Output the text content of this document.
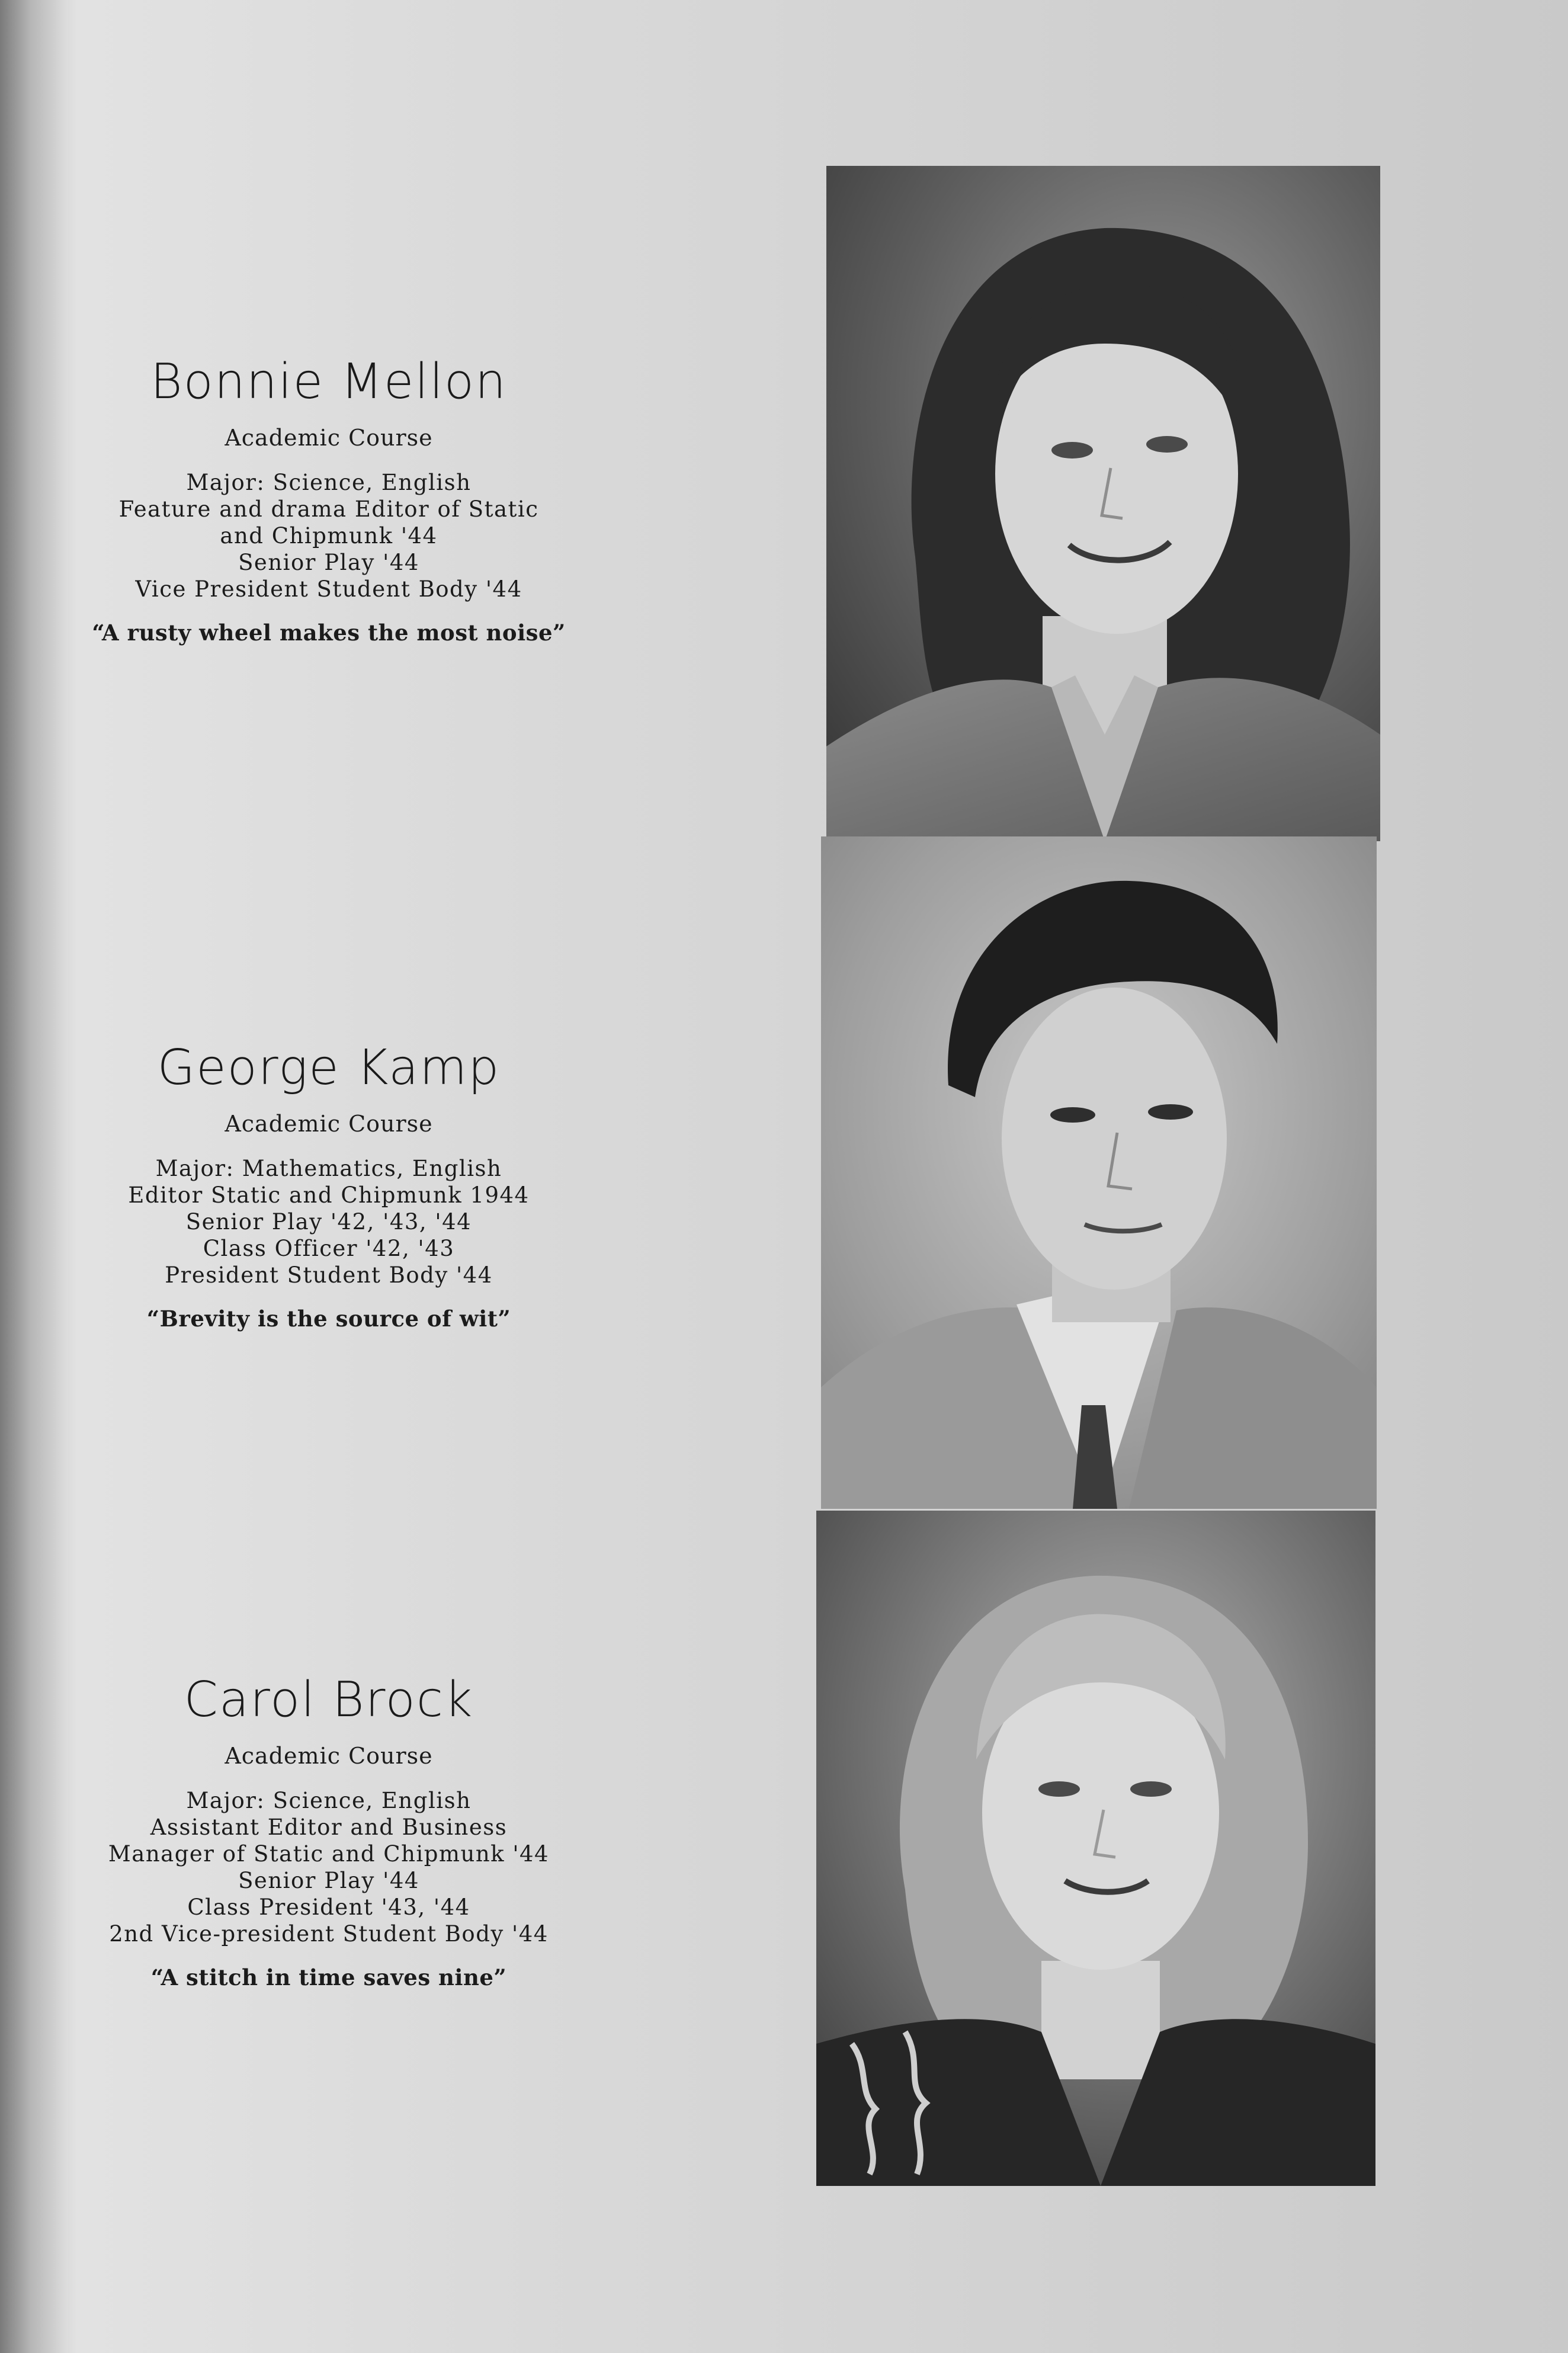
Bonnie Mellon
Academic Course
Major: Science, English
Feature and drama Editor of Static
and Chipmunk '44
Senior Play '44
Vice President Student Body '44
“A rusty wheel makes the most noise”
George Kamp
Academic Course
Major: Mathematics, English
Editor Static and Chipmunk 1944
Senior Play '42, '43, '44
Class Officer '42, '43
President Student Body '44
“Brevity is the source of wit”
Carol Brock
Academic Course
Major: Science, English
Assistant Editor and Business
Manager of Static and Chipmunk '44
Senior Play '44
Class President '43, '44
2nd Vice-president Student Body '44
“A stitch in time saves nine”
